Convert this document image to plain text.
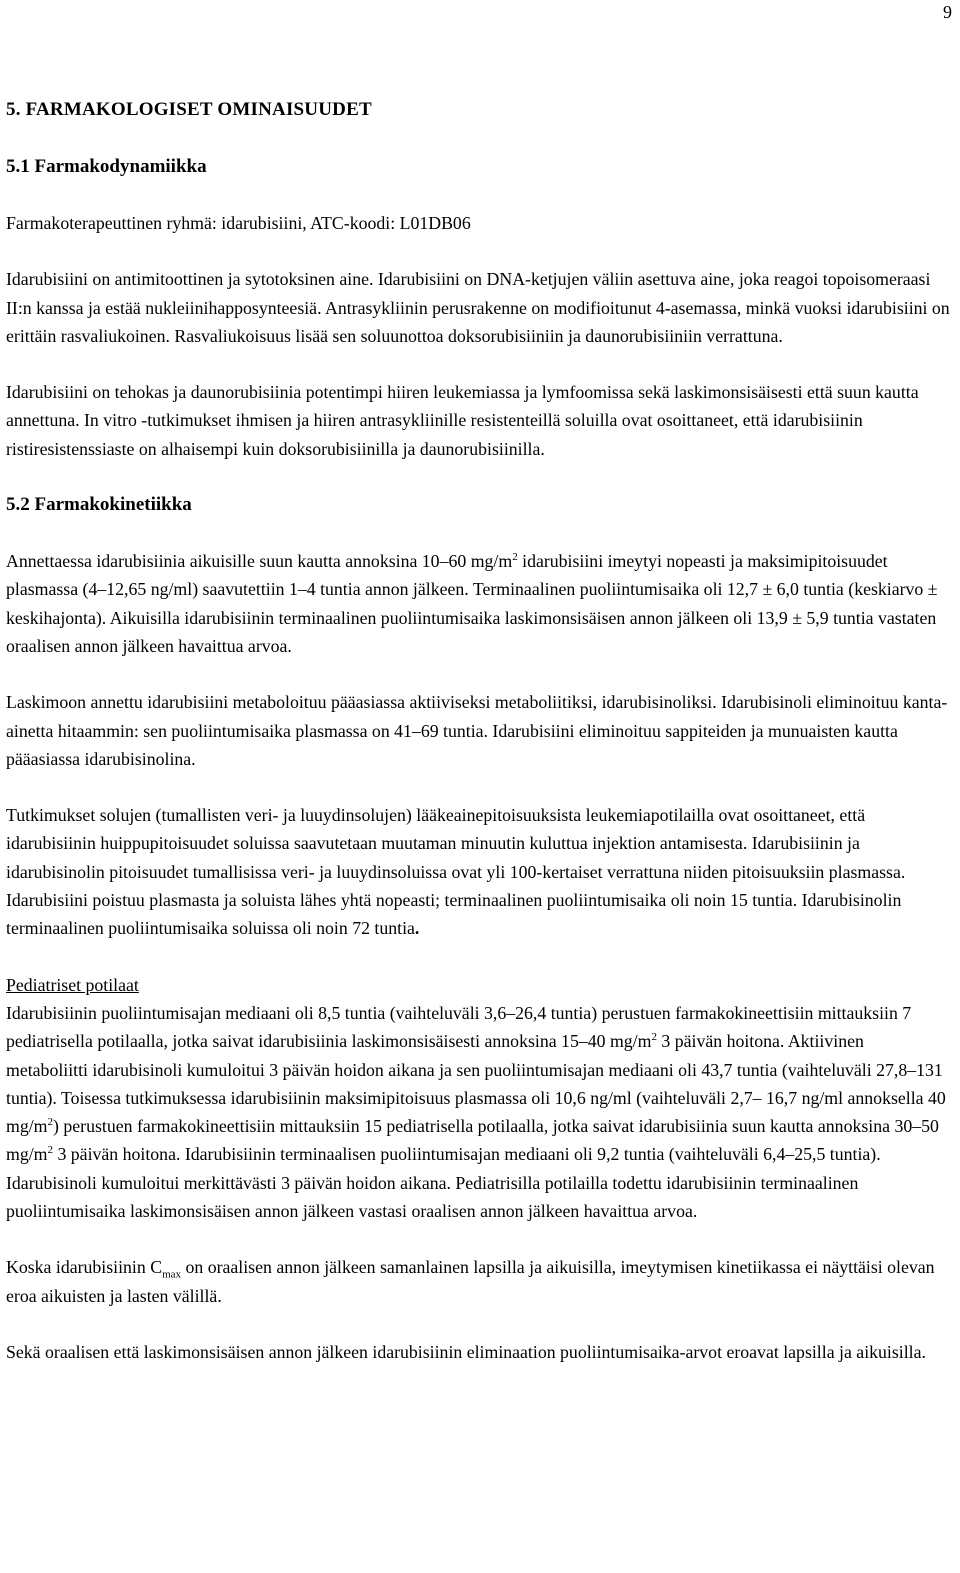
9

5. FARMAKOLOGISET OMINAISUUDET

5.1 Farmakodynamiikka

Farmakoterapeuttinen ryhmä: idarubisiini, ATC-koodi: L01DB06

Idarubisiini on antimitoottinen ja sytotoksinen aine. Idarubisiini on DNA-ketjujen väliin asettuva aine, joka reagoi topoisomeraasi II:n kanssa ja estää nukleiinihapposynteesiä. Antrasykliinin perusrakenne on modifioitunut 4-asemassa, minkä vuoksi idarubisiini on erittäin rasvaliukoinen. Rasvaliukoisuus lisää sen soluunottoa doksorubisiiniin ja daunorubisiiniin verrattuna.

Idarubisiini on tehokas ja daunorubisiinia potentimpi hiiren leukemiassa ja lymfoomissa sekä laskimonsisäisesti että suun kautta annettuna. In vitro -tutkimukset ihmisen ja hiiren antrasykliinille resistenteillä soluilla ovat osoittaneet, että idarubisiinin ristiresistenssiaste on alhaisempi kuin doksorubisiinilla ja daunorubisiinilla.

5.2 Farmakokinetiikka

Annettaessa idarubisiinia aikuisille suun kautta annoksina 10–60 $mg/m^2$ idarubisiini imeytyi nopeasti ja maksimipitoisuudet plasmassa (4–12,65 ng/ml) saavutettiin 1–4 tuntia annon jälkeen. Terminaalinen puoliintumisaika oli 12,7 ± 6,0 tuntia (keskiarvo ± keskihajonta). Aikuisilla idarubisiinin terminaalinen puoliintumisaika laskimonsisäisen annon jälkeen oli 13,9 ± 5,9 tuntia vastaten oraalisen annon jälkeen havaittua arvoa.

Laskimoon annettu idarubisiini metaboloituu pääasiassa aktiiviseksi metaboliitiksi, idarubisinoliksi. Idarubisinoli eliminoituu kanta-ainetta hitaammin: sen puoliintumisaika plasmassa on 41–69 tuntia. Idarubisiini eliminoituu sappiteiden ja munuaisten kautta pääasiassa idarubisinolina.

Tutkimukset solujen (tumallisten veri- ja luuydinsolujen) lääkeainepitoisuuksista leukemiapotilailla ovat osoittaneet, että idarubisiinin huippupitoisuudet soluissa saavutetaan muutaman minuutin kuluttua injektion antamisesta. Idarubisiinin ja idarubisinolin pitoisuudet tumallisissa veri- ja luuydinsoluissa ovat yli 100-kertaiset verrattuna niiden pitoisuuksiin plasmassa. Idarubisiini poistuu plasmasta ja soluista lähes yhtä nopeasti; terminaalinen puoliintumisaika oli noin 15 tuntia. Idarubisinolin terminaalinen puoliintumisaika soluissa oli noin 72 tuntia.

Pediatriset potilaat

Idarubisiinin puoliintumisajan mediaani oli 8,5 tuntia (vaihteluväli 3,6–26,4 tuntia) perustuen farmakokineettisiin mittauksiin 7 pediatrisella potilaalla, jotka saivat idarubisiinia laskimonsisäisesti annoksina 15–40 $mg/m^2$ 3 päivän hoitona. Aktiivinen metaboliitti idarubisinoli kumuloitui 3 päivän hoidon aikana ja sen puoliintumisajan mediaani oli 43,7 tuntia (vaihteluväli 27,8–131 tuntia). Toisessa tutkimuksessa idarubisiinin maksimipitoisuus plasmassa oli 10,6 ng/ml (vaihteluväli 2,7– 16,7 ng/ml annoksella 40 $mg/m^2$) perustuen farmakokineettisiin mittauksiin 15 pediatrisella potilaalla, jotka saivat idarubisiinia suun kautta annoksina 30–50 $mg/m^2$ 3 päivän hoitona. Idarubisiinin terminaalisen puoliintumisajan mediaani oli 9,2 tuntia (vaihteluväli 6,4–25,5 tuntia). Idarubisinoli kumuloitui merkittävästi 3 päivän hoidon aikana. Pediatrisilla potilailla todettu idarubisiinin terminaalinen puoliintumisaika laskimonsisäisen annon jälkeen vastasi oraalisen annon jälkeen havaittua arvoa.

Koska idarubisiinin $C_{max}$ on oraalisen annon jälkeen samanlainen lapsilla ja aikuisilla, imeytymisen kinetiikassa ei näyttäisi olevan eroa aikuisten ja lasten välillä.

Sekä oraalisen että laskimonsisäisen annon jälkeen idarubisiinin eliminaation puoliintumisaika-arvot eroavat lapsilla ja aikuisilla.
